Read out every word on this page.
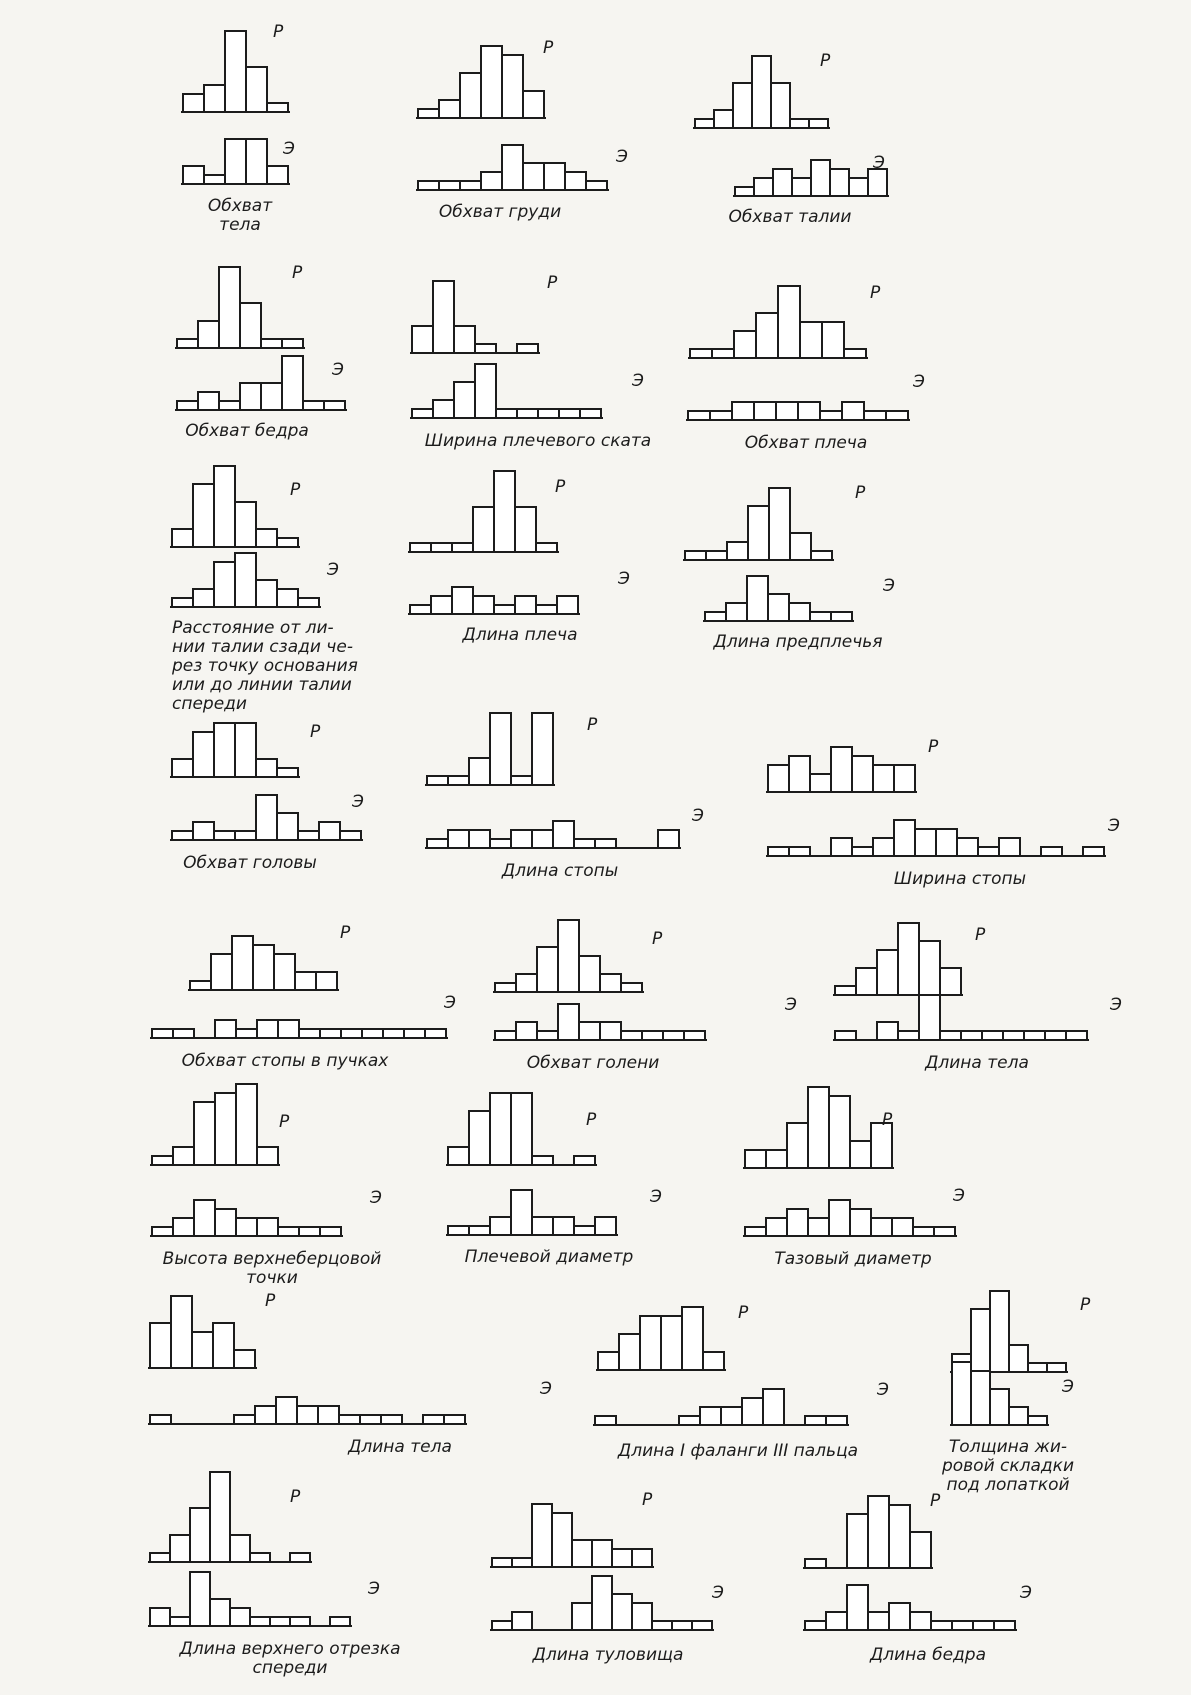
P
Э
Обхват
тела
P
Э
Обхват груди
P
Э
Обхват талии
P
Э
Обхват бедра
P
Э
Ширина плечевого ската
P
Э
Обхват плеча
P
Э
Расстояние от ли-
нии талии сзади че-
рез точку основания
или до линии талии
спереди
P
Э
Длина плеча
P
Э
Длина предплечья
P
Э
Обхват головы
P
Э
Длина стопы
P
Э
Ширина стопы
P
Э
Обхват стопы в пучках
P
Э
Обхват голени
P
Э
Длина тела
P
Э
Высота верхнеберцовой
точки
P
Э
Плечевой диаметр
P
Э
Тазовый диаметр
P
Э
Длина тела
P
Э
Длина I фаланги III пальца
P
Э
Толщина жи-
ровой складки
под лопаткой
P
Э
Длина верхнего отрезка
спереди
P
Э
Длина туловища
P
Э
Длина бедра
